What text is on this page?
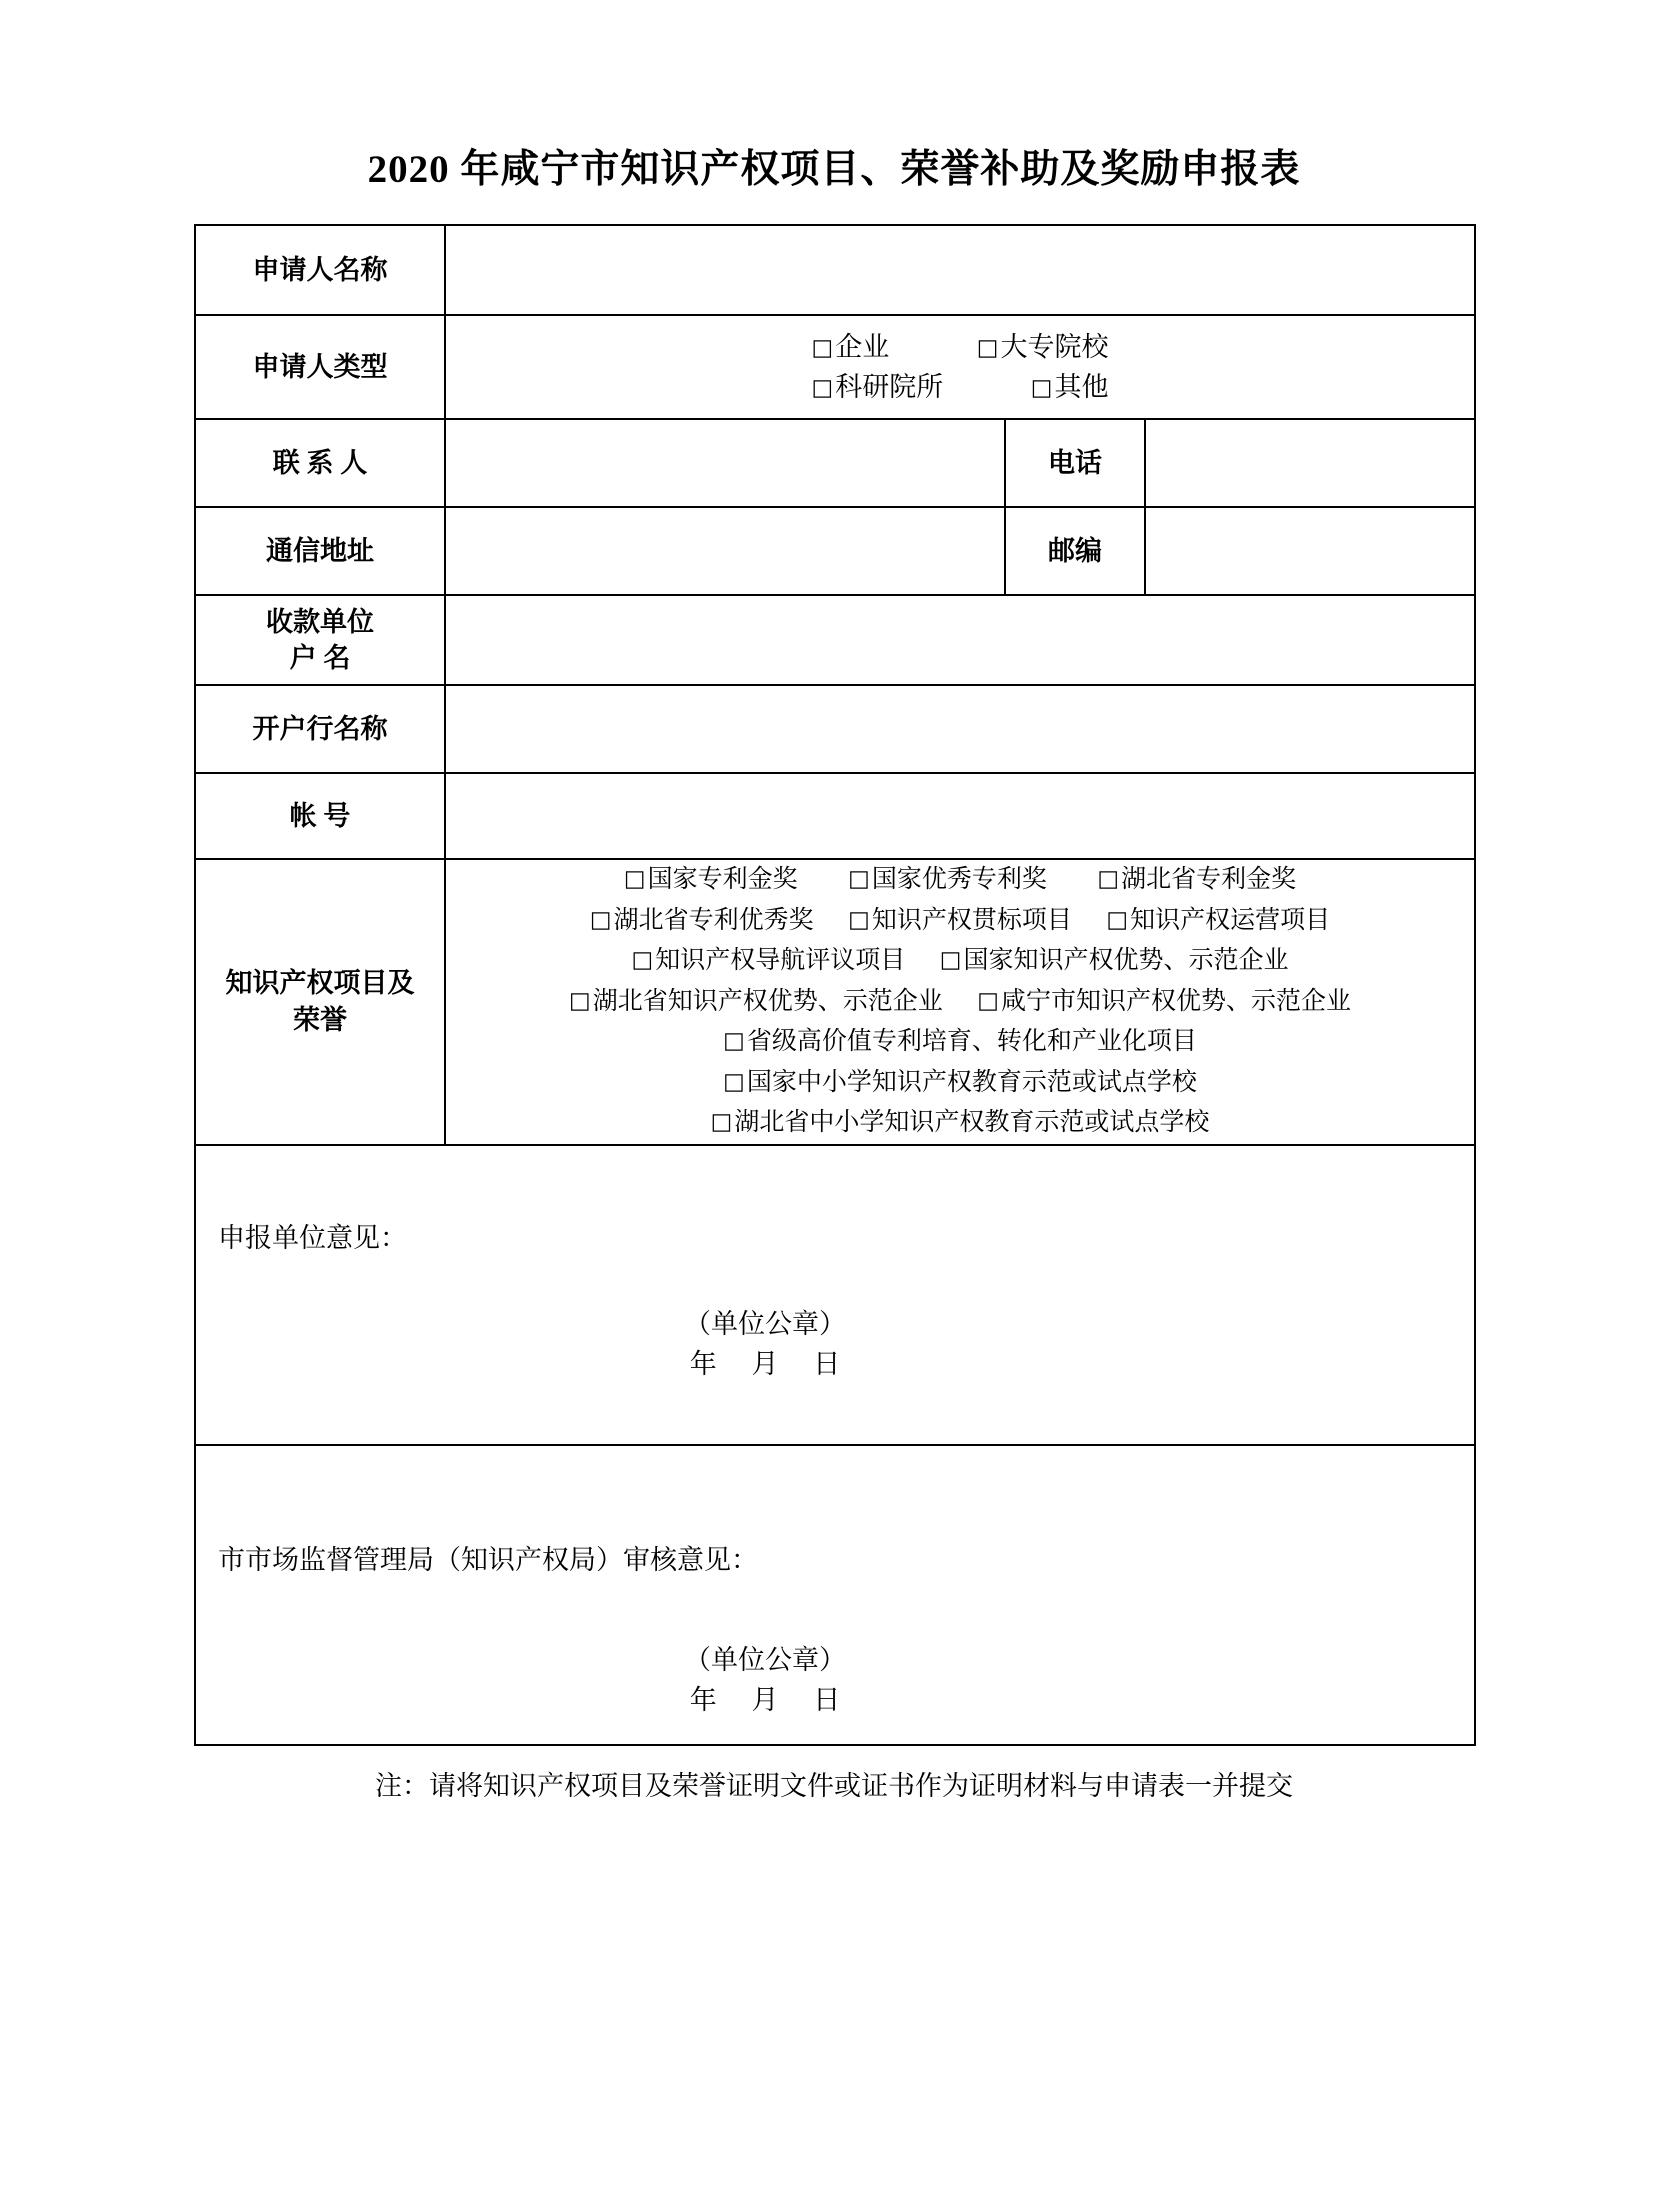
2020 年咸宁市知识产权项目、荣誉补助及奖励申报表
申请人名称			
申请人类型	□企业 □大专院校
□科研院所 □其他		

联 系 人		电话	
通信地址		邮编	

收款单位
户 名			

开户行名称			
帐 号			

知识产权项目及
荣誉

□国家专利金奖 □国家优秀专利奖 □湖北省专利金奖
□湖北省专利优秀奖 □知识产权贯标项目 □知识产权运营项目
□知识产权导航评议项目 □国家知识产权优势、示范企业
□湖北省知识产权优势、示范企业 □咸宁市知识产权优势、示范企业
□省级高价值专利培育、转化和产业化项目
□国家中小学知识产权教育示范或试点学校
□湖北省中小学知识产权教育示范或试点学校

申报单位意见：
（单位公章）
年 月 日			

市市场监督管理局（知识产权局）审核意见：
（单位公章）
年 月 日			
注：请将知识产权项目及荣誉证明文件或证书作为证明材料与申请表一并提交
